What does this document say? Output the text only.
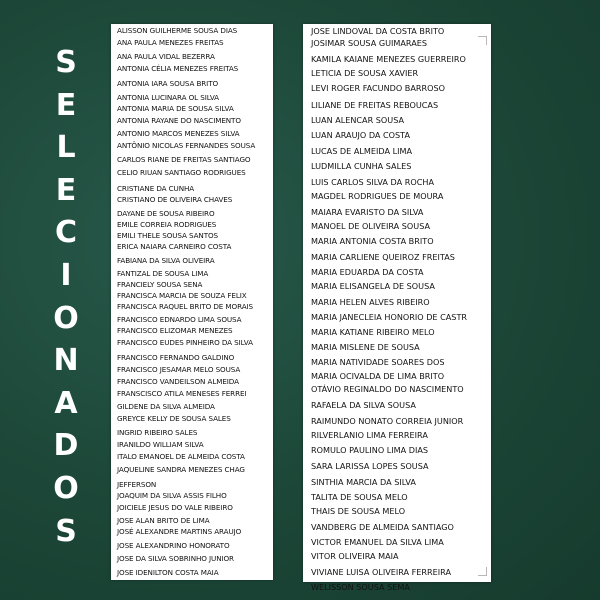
S
E
L
E
C
I
O
N
A
D
O
S
ALISSON GUILHERME SOUSA DIAS
ANA PAULA MENEZES FREITAS
ANA PAULA VIDAL BEZERRA
ANTONIA CÉLIA MENEZES FREITAS
ANTONIA IARA SOUSA BRITO
ANTONIA LUCINARA OL SILVA
ANTONIA MARIA DE SOUSA SILVA
ANTONIA RAYANE DO NASCIMENTO
ANTONIO MARCOS MENEZES SILVA
ANTÔNIO NICOLAS FERNANDES SOUSA
CARLOS RIANE DE FREITAS SANTIAGO
CELIO RIUAN SANTIAGO RODRIGUES
CRISTIANE DA CUNHA
CRISTIANO DE OLIVEIRA CHAVES
DAYANE DE SOUSA RIBEIRO
EMILE CORREIA RODRIGUES
EMILI THELE SOUSA SANTOS
ERICA NAIARA CARNEIRO COSTA
FABIANA DA SILVA OLIVEIRA
FANTIZAL DE SOUSA LIMA
FRANCIELY SOUSA SENA
FRANCISCA MARCIA DE SOUZA FELIX
FRANCISCA RAQUEL BRITO DE MORAIS
FRANCISCO EDNARDO LIMA SOUSA
FRANCISCO ELIZOMAR MENEZES
FRANCISCO EUDES PINHEIRO DA SILVA
FRANCISCO FERNANDO GALDINO
FRANCISCO JESAMAR MELO SOUSA
FRANCISCO VANDEILSON ALMEIDA
FRANSCISCO ATILA MENESES FERREI
GILDENE DA SILVA ALMEIDA
GREYCE KELLY DE SOUSA SALES
INGRID RIBEIRO SALES
IRANILDO WILLIAM SILVA
ITALO EMANOEL DE ALMEIDA COSTA
JAQUELINE SANDRA MENEZES CHAG
JEFFERSON
JOAQUIM DA SILVA ASSIS FILHO
JOICIELE JESUS DO VALE RIBEIRO
JOSE ALAN BRITO DE LIMA
JOSÉ ALEXANDRE MARTINS ARAUJO
JOSE ALEXANDRINO HONORATO
JOSE DA SILVA SOBRINHO JUNIOR
JOSE IDENILTON COSTA MAIA
JOSE LINDOVAL DA COSTA BRITO
JOSIMAR SOUSA GUIMARAES
KAMILA KAIANE MENEZES GUERREIRO
LETICIA DE SOUSA XAVIER
LEVI ROGER FACUNDO BARROSO
LILIANE DE FREITAS REBOUCAS
LUAN ALENCAR SOUSA
LUAN ARAUJO DA COSTA
LUCAS DE ALMEIDA LIMA
LUDMILLA CUNHA SALES
LUIS CARLOS SILVA DA ROCHA
MAGDEL RODRIGUES DE MOURA
MAIARA EVARISTO DA SILVA
MANOEL DE OLIVEIRA SOUSA
MARIA ANTONIA COSTA BRITO
MARIA CARLIENE QUEIROZ FREITAS
MARIA EDUARDA DA COSTA
MARIA ELISANGELA DE SOUSA
MARIA HELEN ALVES RIBEIRO
MARIA JANECLEIA HONORIO DE CASTR
MARIA KATIANE RIBEIRO MELO
MARIA MISLENE DE SOUSA
MARIA NATIVIDADE SOARES DOS
MARIA OCIVALDA DE LIMA BRITO
OTÁVIO REGINALDO DO NASCIMENTO
RAFAELA DA SILVA SOUSA
RAIMUNDO NONATO CORREIA JUNIOR
RILVERLANIO LIMA FERREIRA
ROMULO PAULINO LIMA DIAS
SARA LARISSA LOPES SOUSA
SINTHIA MARCIA DA SILVA
TALITA DE SOUSA MELO
THAIS DE SOUSA MELO
VANDBERG DE ALMEIDA SANTIAGO
VICTOR EMANUEL DA SILVA LIMA
VITOR OLIVEIRA MAIA
VIVIANE LUISA OLIVEIRA FERREIRA
WELISSON SOUSA SEMA
